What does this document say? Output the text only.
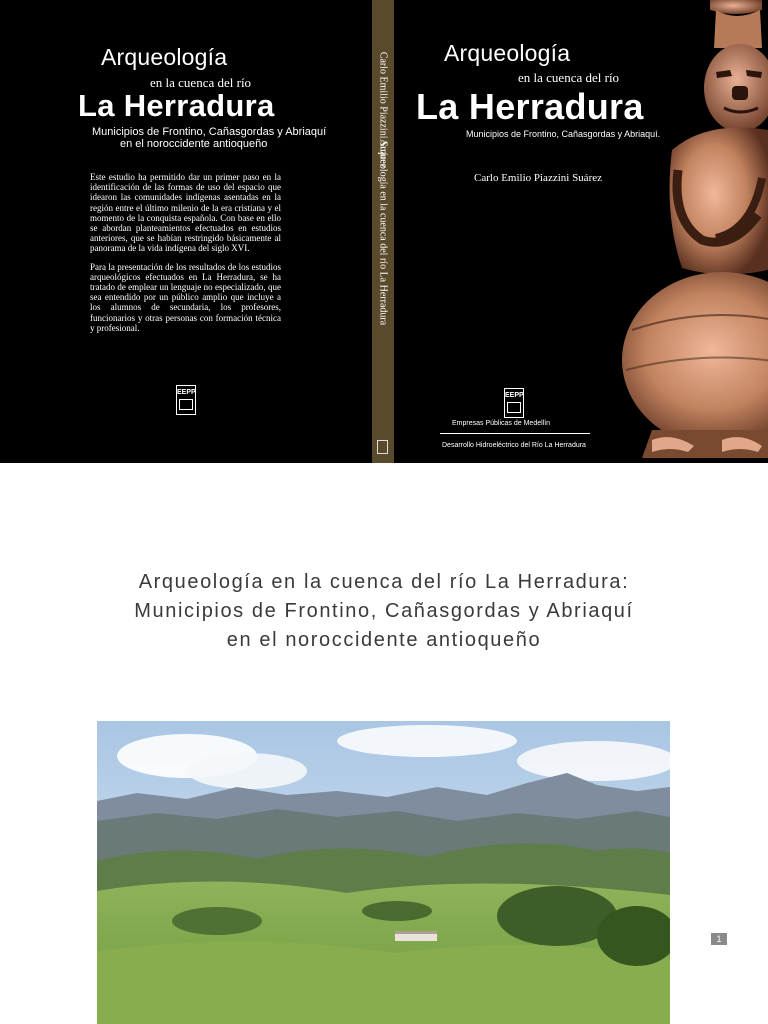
Arqueología
en la cuenca del río
La Herradura
Municipios de Frontino, Cañasgordas y Abriaquí
en el noroccidente antioqueño

Este estudio ha permitido dar un primer paso en la identificación de las formas de uso del espacio que idearon las comunidades indígenas asentadas en la región entre el último milenio de la era cristiana y el momento de la conquista española. Con base en ello se abordan planteamientos efectuados en estudios anteriores, que se habían restringido básicamente al panorama de la vida indígena del siglo XVI.

Para la presentación de los resultados de los estudios arqueológicos efectuados en La Herradura, se ha tratado de emplear un lenguaje no especializado, que sea entendido por un público amplio que incluye a los alumnos de secundaria, los profesores, funcionarios y otras personas con formación técnica y profesional.

EEPP
Carlo Emilio Piazzini Suárez
Arqueología en la cuenca del río La Herradura
Arqueología
en la cuenca del río
La Herradura
Municipios de Frontino, Cañasgordas y Abriaquí.
Carlo Emilio Piazzini Suárez
EEPP
Empresas Públicas de Medellín
Desarrollo Hidroeléctrico del Río La Herradura
Arqueología en la cuenca del río La Herradura:
Municipios de Frontino, Cañasgordas y Abriaquí
en el noroccidente antioqueño
1
